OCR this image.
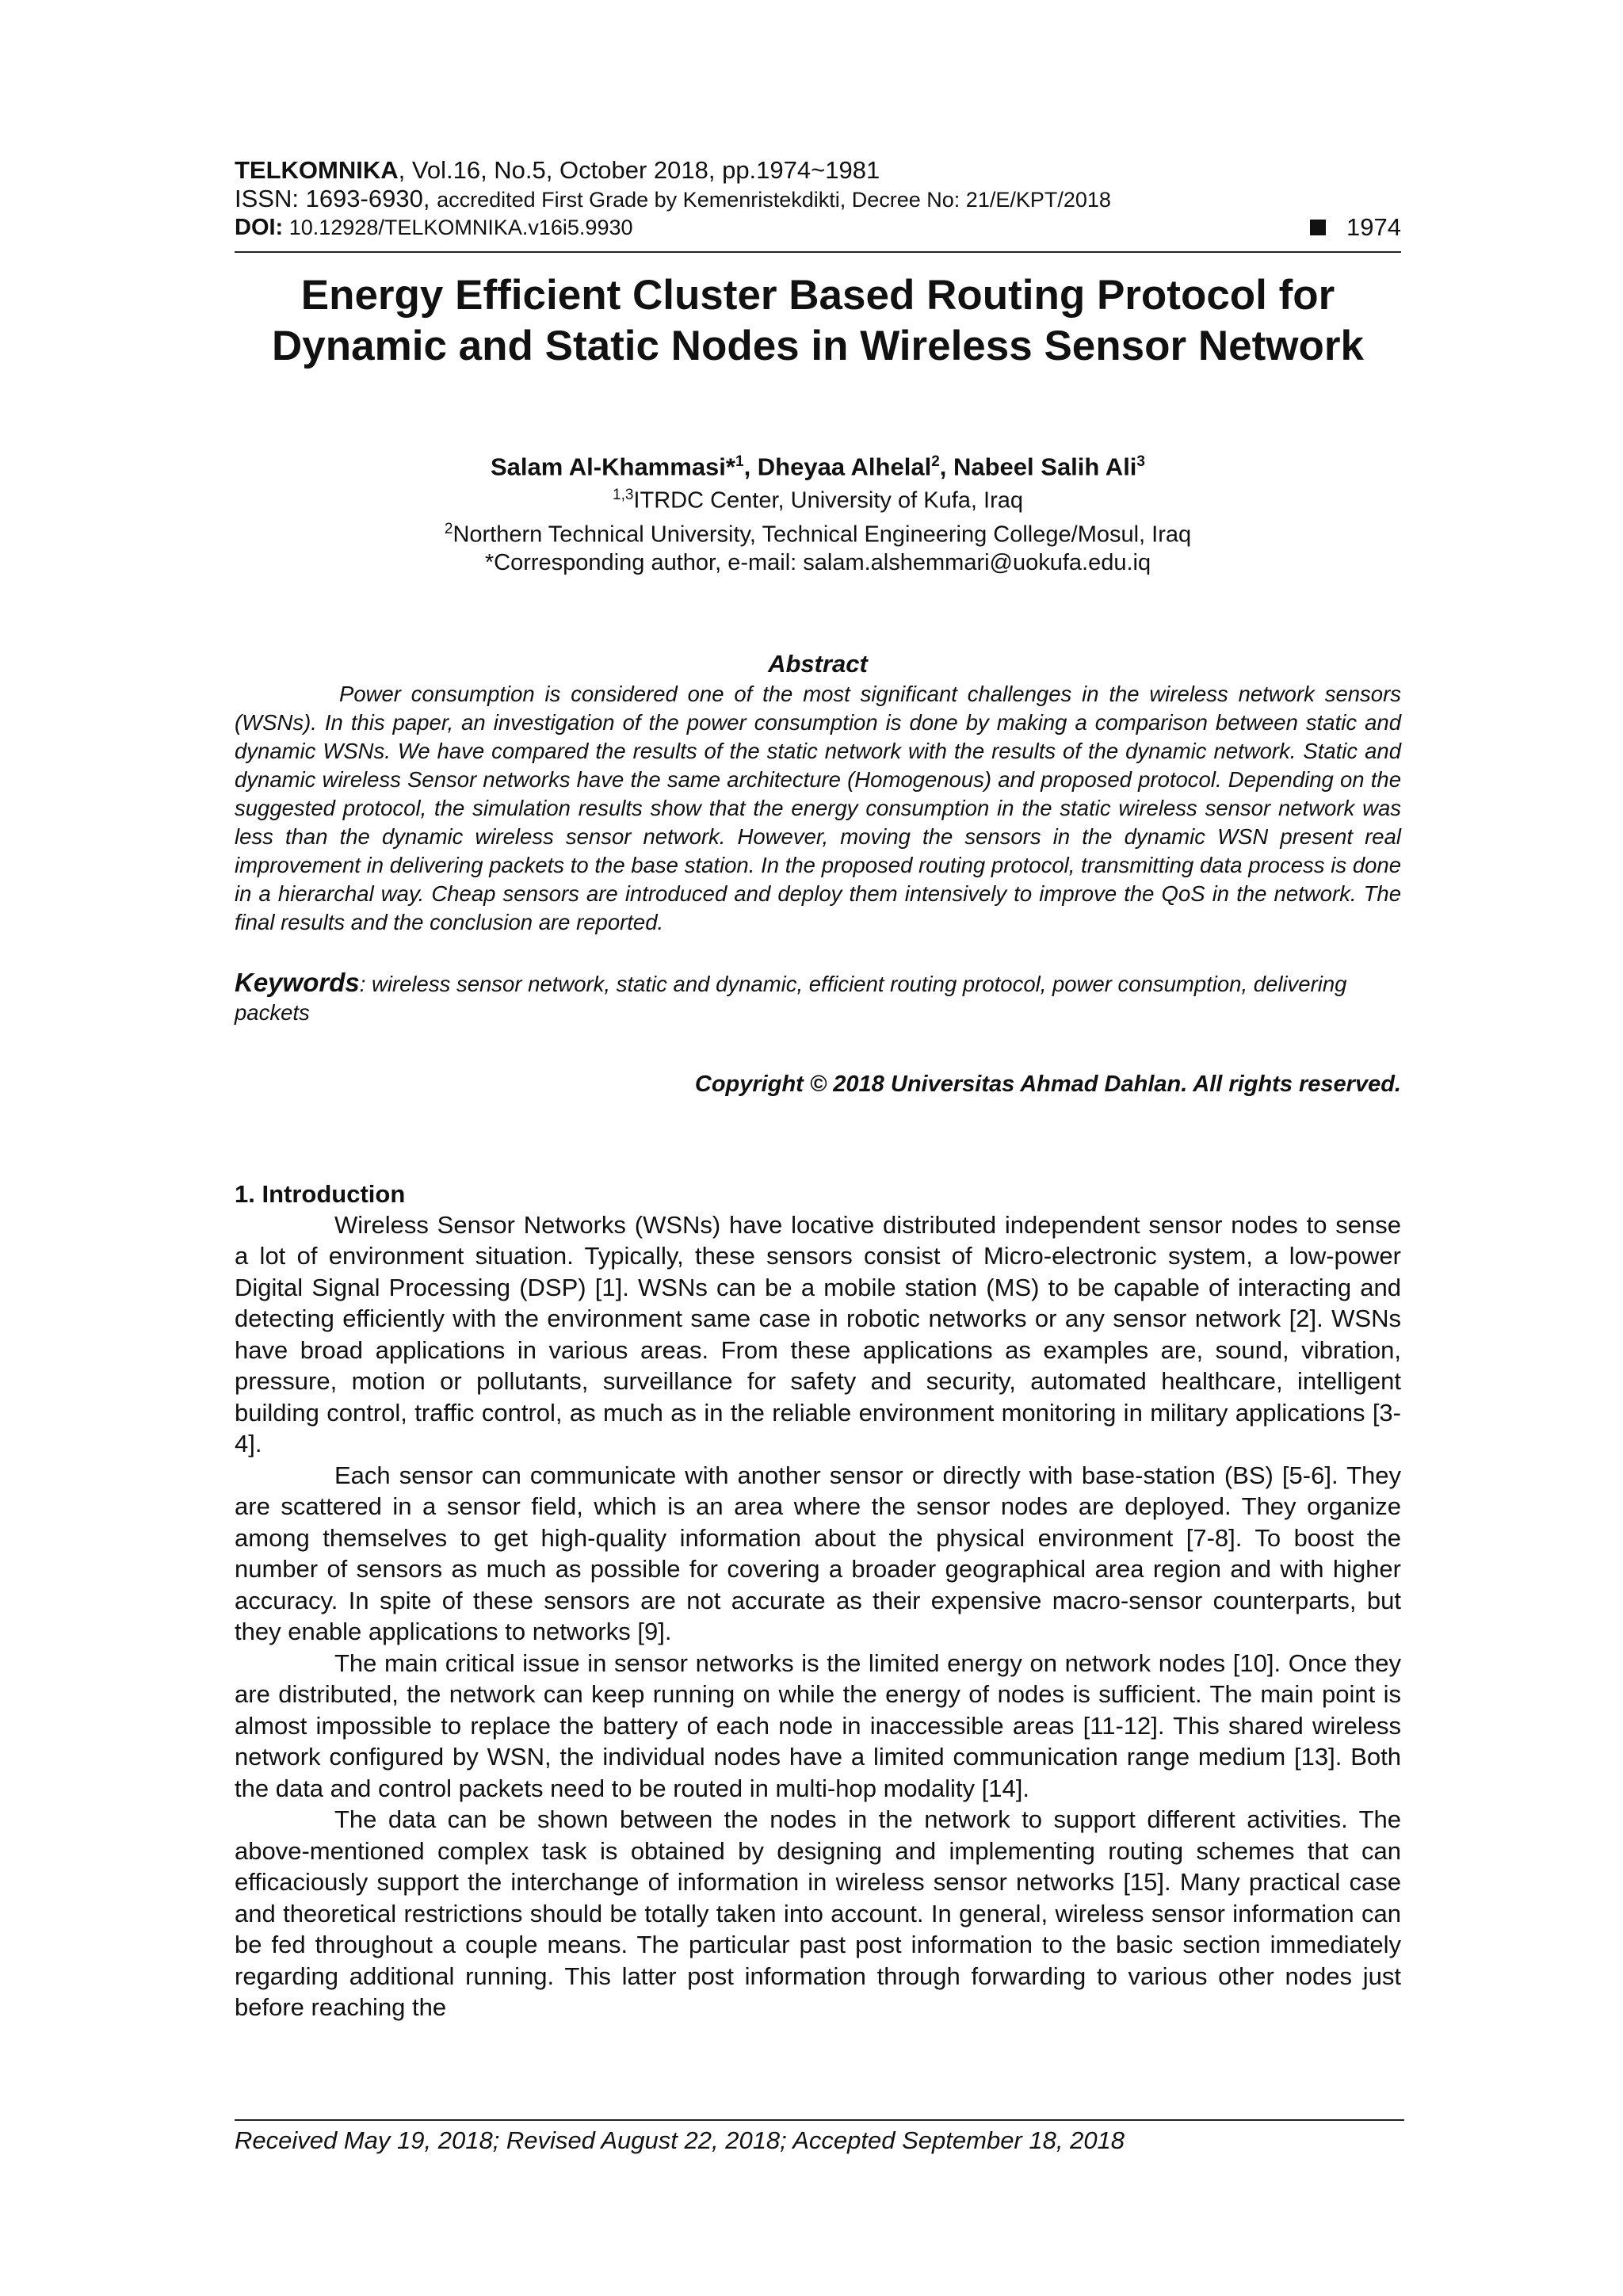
TELKOMNIKA, Vol.16, No.5, October 2018, pp.1974~1981

ISSN: 1693-6930, accredited First Grade by Kemenristekdikti, Decree No: 21/E/KPT/2018

DOI: 10.12928/TELKOMNIKA.v16i5.9930	1974
Energy Efficient Cluster Based Routing Protocol for
Dynamic and Static Nodes in Wireless Sensor Network
Salam Al-Khammasi*$^1$, Dheyaa Alhelal$^2$, Nabeel Salih Ali$^3$

$^{1,3}$ITRDC Center, University of Kufa, Iraq

$^2$Northern Technical University, Technical Engineering College/Mosul, Iraq

*Corresponding author, e-mail: salam.alshemmari@uokufa.edu.iq

Abstract

Power consumption is considered one of the most significant challenges in the wireless network sensors (WSNs). In this paper, an investigation of the power consumption is done by making a comparison between static and dynamic WSNs. We have compared the results of the static network with the results of the dynamic network. Static and dynamic wireless Sensor networks have the same architecture (Homogenous) and proposed protocol. Depending on the suggested protocol, the simulation results show that the energy consumption in the static wireless sensor network was less than the dynamic wireless sensor network. However, moving the sensors in the dynamic WSN present real improvement in delivering packets to the base station. In the proposed routing protocol, transmitting data process is done in a hierarchal way. Cheap sensors are introduced and deploy them intensively to improve the QoS in the network. The final results and the conclusion are reported.

Keywords: wireless sensor network, static and dynamic, efficient routing protocol, power consumption, delivering packets
Copyright © 2018 Universitas Ahmad Dahlan. All rights reserved.
1. Introduction

Wireless Sensor Networks (WSNs) have locative distributed independent sensor nodes to sense a lot of environment situation. Typically, these sensors consist of Micro-electronic system, a low-power Digital Signal Processing (DSP) [1]. WSNs can be a mobile station (MS) to be capable of interacting and detecting efficiently with the environment same case in robotic networks or any sensor network [2]. WSNs have broad applications in various areas. From these applications as examples are, sound, vibration, pressure, motion or pollutants, surveillance for safety and security, automated healthcare, intelligent building control, traffic control, as much as in the reliable environment monitoring in military applications [3-4].

Each sensor can communicate with another sensor or directly with base-station (BS) [5-6]. They are scattered in a sensor field, which is an area where the sensor nodes are deployed. They organize among themselves to get high-quality information about the physical environment [7-8]. To boost the number of sensors as much as possible for covering a broader geographical area region and with higher accuracy. In spite of these sensors are not accurate as their expensive macro-sensor counterparts, but they enable applications to networks [9].

The main critical issue in sensor networks is the limited energy on network nodes [10]. Once they are distributed, the network can keep running on while the energy of nodes is sufficient. The main point is almost impossible to replace the battery of each node in inaccessible areas [11-12]. This shared wireless network configured by WSN, the individual nodes have a limited communication range medium [13]. Both the data and control packets need to be routed in multi-hop modality [14].

The data can be shown between the nodes in the network to support different activities. The above-mentioned complex task is obtained by designing and implementing routing schemes that can efficaciously support the interchange of information in wireless sensor networks [15]. Many practical case and theoretical restrictions should be totally taken into account. In general, wireless sensor information can be fed throughout a couple means. The particular past post information to the basic section immediately regarding additional running. This latter post information through forwarding to various other nodes just before reaching the

Received May 19, 2018; Revised August 22, 2018; Accepted September 18, 2018
